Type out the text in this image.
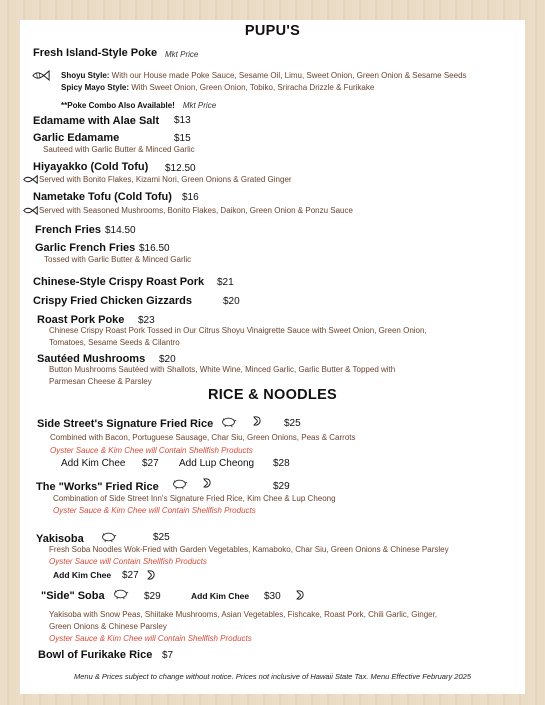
PUPU'S
Fresh Island-Style Poke Mkt Price
Shoyu Style: With our House made Poke Sauce, Sesame Oil, Limu, Sweet Onion, Green Onion & Sesame Seeds
Spicy Mayo Style: With Sweet Onion, Green Onion, Tobiko, Sriracha Drizzle & Furikake
**Poke Combo Also Available! Mkt Price
Edamame with Alae Salt $13
Garlic Edamame	$15
Sauteed with Garlic Butter & Minced Garlic
Hiyayakko (Cold Tofu) $12.50
Served with Bonito Flakes, Kizami Nori, Green Onions & Grated Ginger
Nametake Tofu (Cold Tofu) $16
Served with Seasoned Mushrooms, Bonito Flakes, Daikon, Green Onion & Ponzu Sauce
French Fries $14.50
Garlic French Fries $16.50
Tossed with Garlic Butter & Minced Garlic
Chinese-Style Crispy Roast Pork $21
Crispy Fried Chicken Gizzards	$20
Roast Pork Poke $23
Chinese Crispy Roast Pork Tossed in Our Citrus Shoyu Vinaigrette Sauce with Sweet Onion, Green Onion,
Tomatoes, Sesame Seeds & Cilantro
Sautéed Mushrooms $20
Button Mushrooms Sautéed with Shallots, White Wine, Minced Garlic, Garlic Butter & Topped with
Parmesan Cheese & Parsley
RICE & NOODLES
Side Street's Signature Fried Rice	$25
Combined with Bacon, Portuguese Sausage, Char Siu, Green Onions, Peas & Carrots
Oyster Sauce & Kim Chee will Contain Shellfish Products
Add Kim Chee $27 Add Lup Cheong $28
The "Works" Fried Rice	$29
Combination of Side Street Inn's Signature Fried Rice, Kim Chee & Lup Cheong
Oyster Sauce & Kim Chee will Contain Shellfish Products
Yakisoba	$25
Fresh Soba Noodles Wok-Fried with Garden Vegetables, Kamaboko, Char Siu, Green Onions & Chinese Parsley
Oyster Sauce will Contain Shellfish Products
Add Kim Chee $27
"Side" Soba	$29	Add Kim Chee $30
Yakisoba with Snow Peas, Shiitake Mushrooms, Asian Vegetables, Fishcake, Roast Pork, Chili Garlic, Ginger,
Green Onions & Chinese Parsley
Oyster Sauce & Kim Chee will Contain Shellfish Products
Bowl of Furikake Rice $7
Menu & Prices subject to change without notice. Prices not inclusive of Hawaii State Tax. Menu Effective February 2025
